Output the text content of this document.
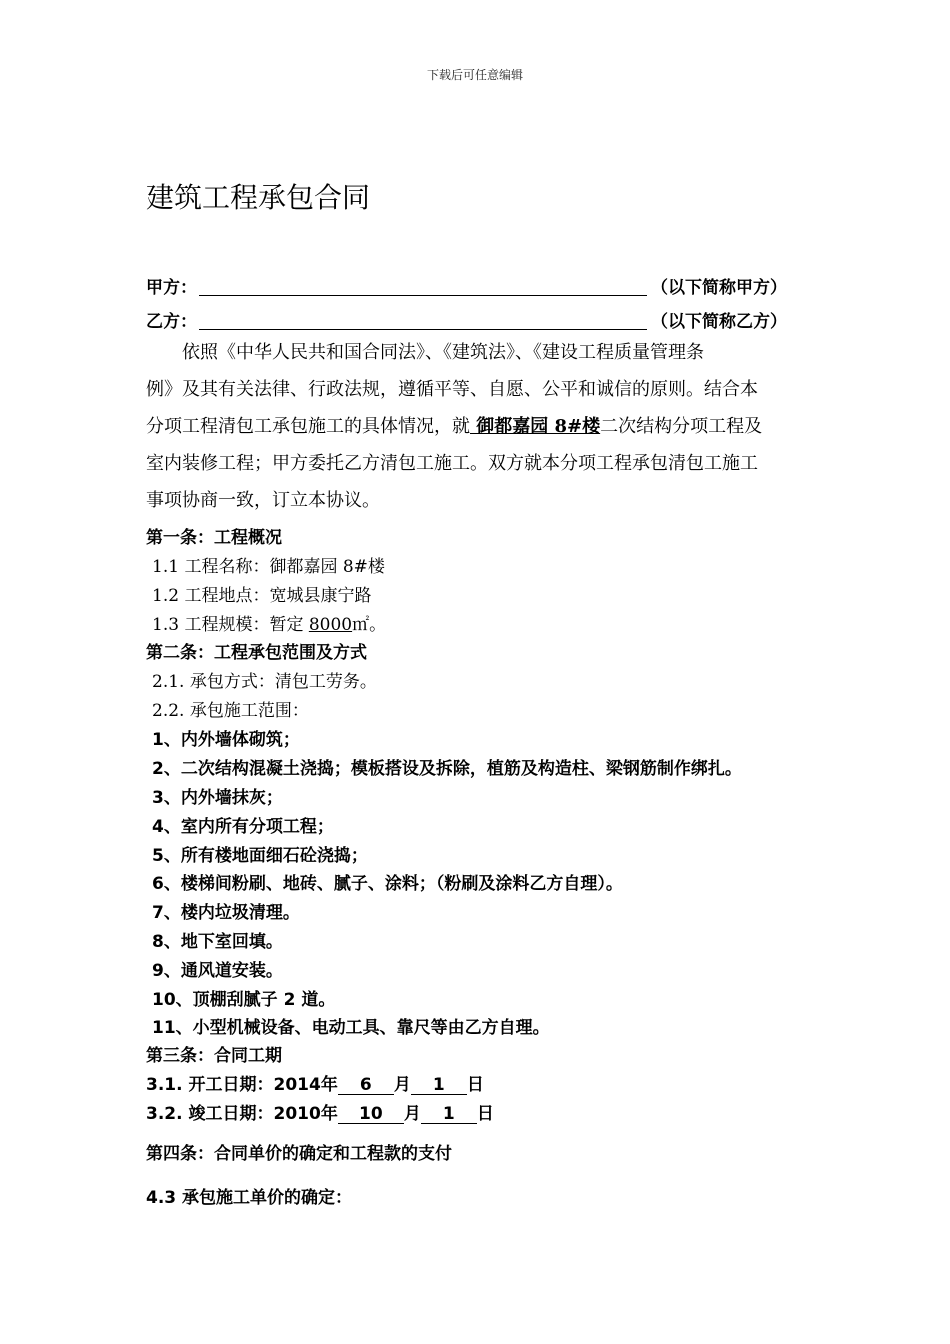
下载后可任意编辑
建筑工程承包合同
甲方：	（以下简称甲方）
乙方：	（以下简称乙方）
依照《中华人民共和国合同法》、《建筑法》、《建设工程质量管理条
例》及其有关法律、行政法规，遵循平等、自愿、公平和诚信的原则。结合本
分项工程清包工承包施工的具体情况，就 御都嘉园 8#楼二次结构分项工程及
室内装修工程；甲方委托乙方清包工施工。双方就本分项工程承包清包工施工
事项协商一致，订立本协议。
第一条：工程概况
1.1 工程名称：御都嘉园 8#楼
1.2 工程地点：宽城县康宁路
1.3 工程规模：暂定 8000㎡。
第二条：工程承包范围及方式
2.1. 承包方式：清包工劳务。
2.2. 承包施工范围：
1、内外墙体砌筑；
2、二次结构混凝土浇捣；模板搭设及拆除，植筋及构造柱、梁钢筋制作绑扎。
3、内外墙抹灰；
4、室内所有分项工程；
5、所有楼地面细石砼浇捣；
6、楼梯间粉刷、地砖、腻子、涂料；（粉刷及涂料乙方自理）。
7、楼内垃圾清理。
8、地下室回填。
9、通风道安装。
10、顶棚刮腻子 2 道。
11、小型机械设备、电动工具、靠尺等由乙方自理。
第三条：合同工期
3.1. 开工日期：2014年 6 月 1 日
3.2. 竣工日期：2010年 10 月 1 日
第四条：合同单价的确定和工程款的支付
4.3 承包施工单价的确定：
